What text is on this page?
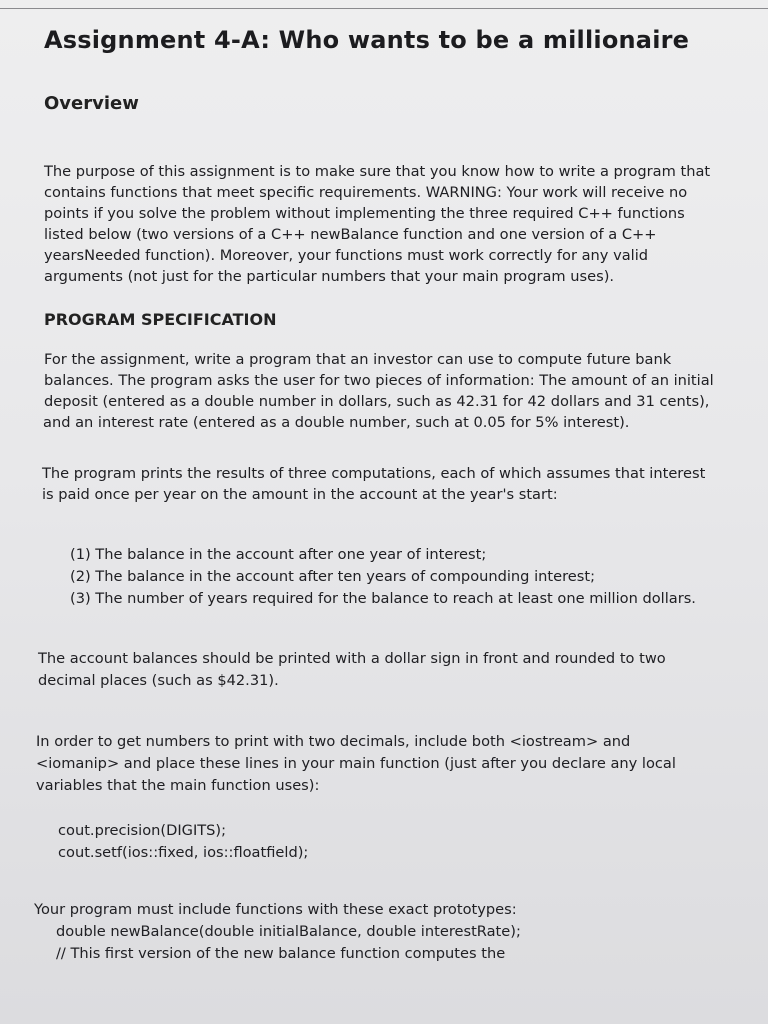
Assignment 4-A: Who wants to be a millionaire
Overview
The purpose of this assignment is to make sure that you know how to write a program that
contains functions that meet specific requirements. WARNING: Your work will receive no
points if you solve the problem without implementing the three required C++ functions
listed below (two versions of a C++ newBalance function and one version of a C++
yearsNeeded function). Moreover, your functions must work correctly for any valid
arguments (not just for the particular numbers that your main program uses).
PROGRAM SPECIFICATION
For the assignment, write a program that an investor can use to compute future bank
balances. The program asks the user for two pieces of information: The amount of an initial
deposit (entered as a double number in dollars, such as 42.31 for 42 dollars and 31 cents),
and an interest rate (entered as a double number, such at 0.05 for 5% interest).
The program prints the results of three computations, each of which assumes that interest
is paid once per year on the amount in the account at the year's start:
(1) The balance in the account after one year of interest;
(2) The balance in the account after ten years of compounding interest;
(3) The number of years required for the balance to reach at least one million dollars.
The account balances should be printed with a dollar sign in front and rounded to two
decimal places (such as $42.31).
In order to get numbers to print with two decimals, include both <iostream> and
<iomanip> and place these lines in your main function (just after you declare any local
variables that the main function uses):
cout.precision(DIGITS);
cout.setf(ios::fixed, ios::floatfield);
Your program must include functions with these exact prototypes:
double newBalance(double initialBalance, double interestRate);
// This first version of the new balance function computes the
